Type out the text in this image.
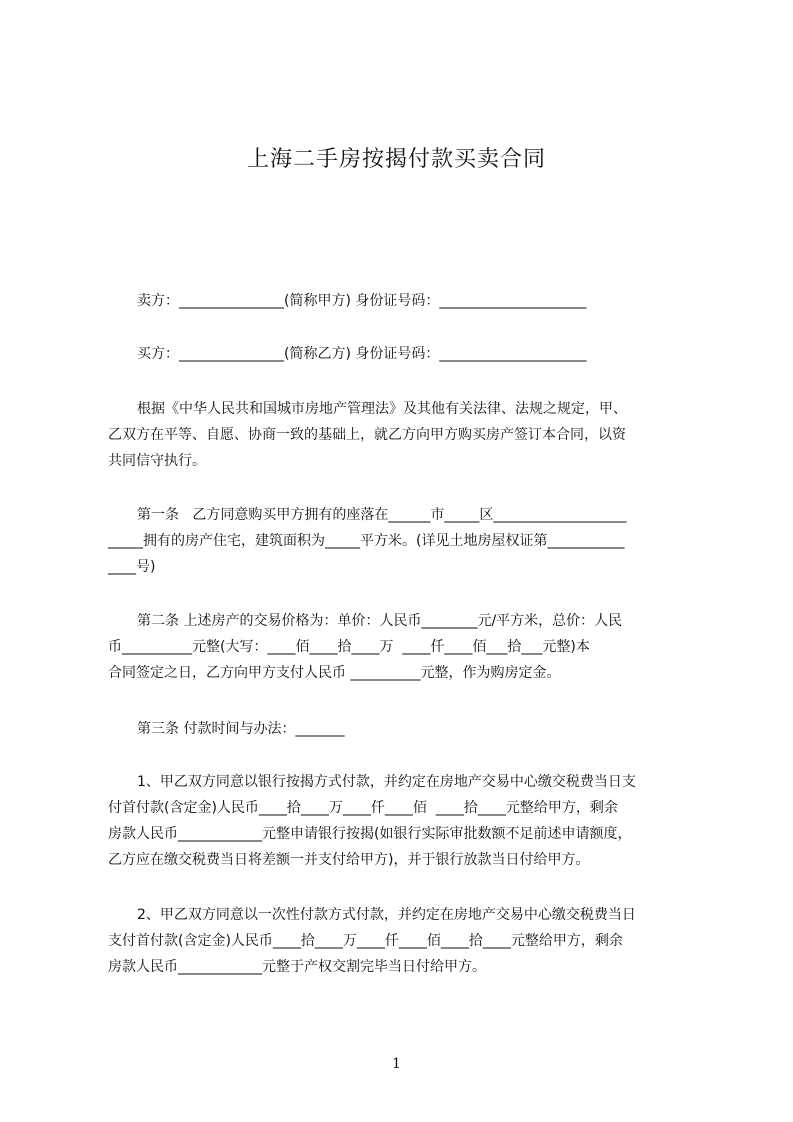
上海二手房按揭付款买卖合同
卖方：_______________(简称甲方) 身份证号码：_____________________
买方：_______________(简称乙方) 身份证号码：_____________________
根据《中华人民共和国城市房地产管理法》及其他有关法律、法规之规定，甲、
乙双方在平等、自愿、协商一致的基础上，就乙方向甲方购买房产签订本合同，以资
共同信守执行。
第一条   乙方同意购买甲方拥有的座落在______市_____区___________________
_____拥有的房产住宅，建筑面积为_____平方米。(详见土地房屋权证第___________
____号)
第二条 上述房产的交易价格为：单价：人民币________元/平方米，总价：人民
币__________元整(大写：____佰____拾____万  ____仟____佰___拾___元整)本
合同签定之日，乙方向甲方支付人民币 __________元整，作为购房定金。
第三条 付款时间与办法：_______
1、甲乙双方同意以银行按揭方式付款，并约定在房地产交易中心缴交税费当日支
付首付款(含定金)人民币____拾____万____仟____佰  ____拾____元整给甲方，剩余
房款人民币____________元整申请银行按揭(如银行实际审批数额不足前述申请额度，
乙方应在缴交税费当日将差额一并支付给甲方)，并于银行放款当日付给甲方。
2、甲乙双方同意以一次性付款方式付款，并约定在房地产交易中心缴交税费当日
支付首付款(含定金)人民币____拾____万____仟____佰____拾____元整给甲方，剩余
房款人民币____________元整于产权交割完毕当日付给甲方。
1
